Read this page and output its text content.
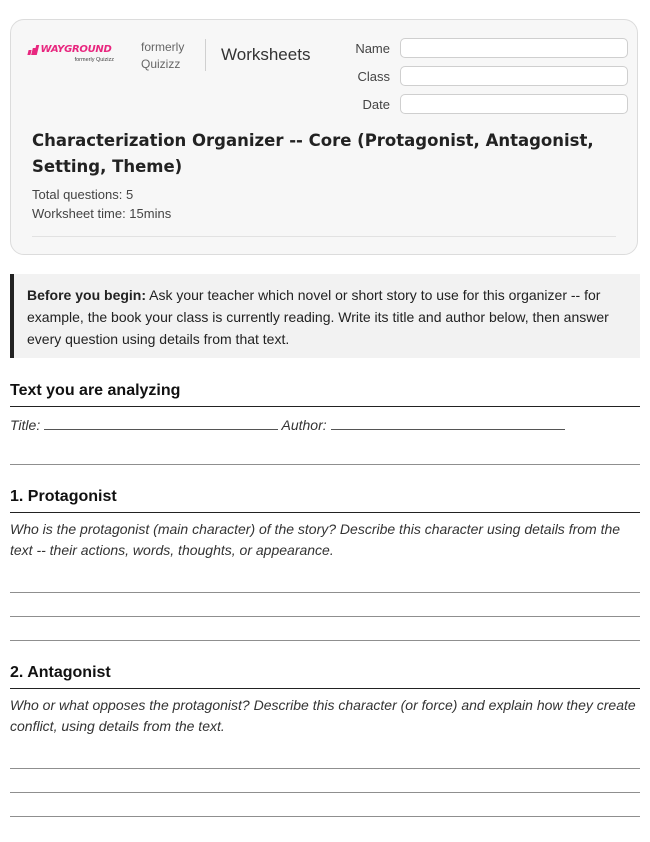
WAYGROUND
formerly Quizizz
formerly
Quizizz Worksheets	Name
Class
Date
Characterization Organizer -- Core (Protagonist, Antagonist, Setting, Theme)
Total questions: 5
Worksheet time: 15mins
Before you begin: Ask your teacher which novel or short story to use for this organizer -- for example, the book your class is currently reading. Write its title and author below, then answer every question using details from that text.
Text you are analyzing
Title:	Author:
1. Protagonist
Who is the protagonist (main character) of the story? Describe this character using details from the text -- their actions, words, thoughts, or appearance.
2. Antagonist
Who or what opposes the protagonist? Describe this character (or force) and explain how they create conflict, using details from the text.
